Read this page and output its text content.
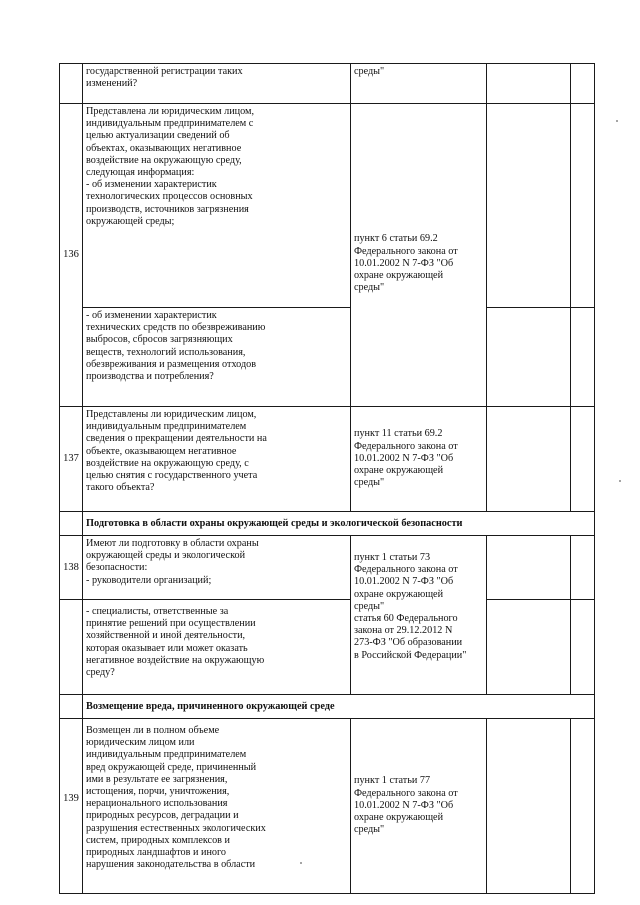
государственной регистрации таких
изменений?
среды"
136
Представлена ли юридическим лицом,
индивидуальным предпринимателем с
целью актуализации сведений об
объектах, оказывающих негативное
воздействие на окружающую среду,
следующая информация:
- об изменении характеристик
технологических процессов основных
производств, источников загрязнения
окружающей среды;
пункт 6 статьи 69.2
Федерального закона от
10.01.2002 N 7-ФЗ "Об
охране окружающей
среды"
- об изменении характеристик
технических средств по обезвреживанию
выбросов, сбросов загрязняющих
веществ, технологий использования,
обезвреживания и размещения отходов
производства и потребления?
137
Представлены ли юридическим лицом,
индивидуальным предпринимателем
сведения о прекращении деятельности на
объекте, оказывающем негативное
воздействие на окружающую среду, с
целью снятия с государственного учета
такого объекта?
пункт 11 статьи 69.2
Федерального закона от
10.01.2002 N 7-ФЗ "Об
охране окружающей
среды"
Подготовка в области охраны окружающей среды и экологической безопасности
138
Имеют ли подготовку в области охраны
окружающей среды и экологической
безопасности:
- руководители организаций;
пункт 1 статьи 73
Федерального закона от
10.01.2002 N 7-ФЗ "Об
охране окружающей
среды"
статья 60 Федерального
закона от 29.12.2012 N
273-ФЗ "Об образовании
в Российской Федерации"
- специалисты, ответственные за
принятие решений при осуществлении
хозяйственной и иной деятельности,
которая оказывает или может оказать
негативное воздействие на окружающую
среду?
Возмещение вреда, причиненного окружающей среде
139
Возмещен ли в полном объеме
юридическим лицом или
индивидуальным предпринимателем
вред окружающей среде, причиненный
ими в результате ее загрязнения,
истощения, порчи, уничтожения,
нерационального использования
природных ресурсов, деградации и
разрушения естественных экологических
систем, природных комплексов и
природных ландшафтов и иного
нарушения законодательства в области
пункт 1 статьи 77
Федерального закона от
10.01.2002 N 7-ФЗ "Об
охране окружающей
среды"
